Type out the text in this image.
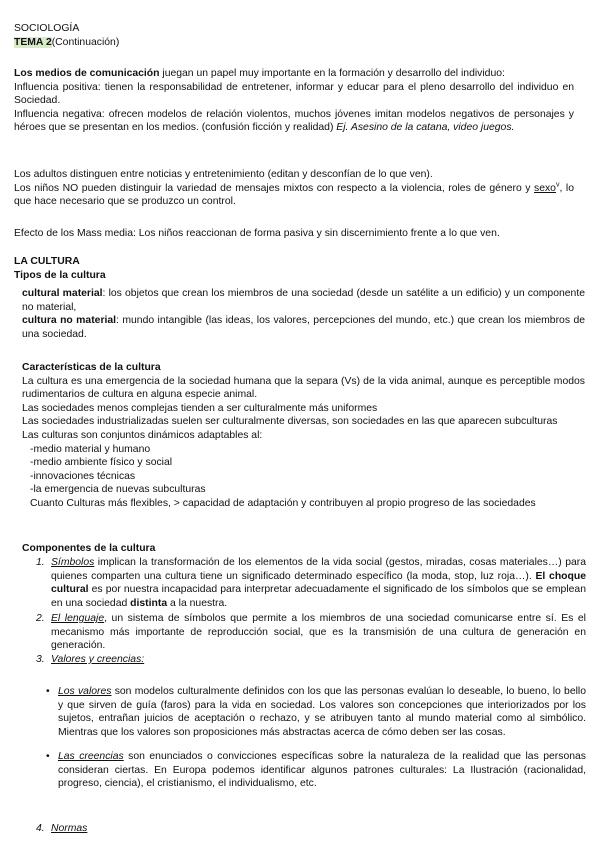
SOCIOLOGÍA

TEMA 2(Continuación)

Los medios de comunicación juegan un papel muy importante en la formación y desarrollo del individuo:

Influencia positiva: tienen la responsabilidad de entretener, informar y educar para el pleno desarrollo del individuo en Sociedad.

Influencia negativa: ofrecen modelos de relación violentos, muchos jóvenes imitan modelos negativos de personajes y héroes que se presentan en los medios. (confusión ficción y realidad) Ej. Asesino de la catana, video juegos.

Los adultos distinguen entre noticias y entretenimiento (editan y desconfían de lo que ven).

Los niños NO pueden distinguir la variedad de mensajes mixtos con respecto a la violencia, roles de género y sexo$^v$, lo que hace necesario que se produzco un control.

Efecto de los Mass media: Los niños reaccionan de forma pasiva y sin discernimiento frente a lo que ven.

LA CULTURA

Tipos de la cultura

cultural material: los objetos que crean los miembros de una sociedad (desde un satélite a un edificio) y un componente no material,

cultura no material: mundo intangible (las ideas, los valores, percepciones del mundo, etc.) que crean los miembros de una sociedad.

Características de la cultura

La cultura es una emergencia de la sociedad humana que la separa (Vs) de la vida animal, aunque es perceptible modos rudimentarios de cultura en alguna especie animal.

Las sociedades menos complejas tienden a ser culturalmente más uniformes

Las sociedades industrializadas suelen ser culturalmente diversas, son sociedades en las que aparecen subculturas

Las culturas son conjuntos dinámicos adaptables al:

-medio material y humano

-medio ambiente físico y social

-innovaciones técnicas

-la emergencia de nuevas subculturas

Cuanto Culturas más flexibles, > capacidad de adaptación y contribuyen al propio progreso de las sociedades

Componentes de la cultura

1. Símbolos implican la transformación de los elementos de la vida social (gestos, miradas, cosas materiales…) para quienes comparten una cultura tiene un significado determinado específico (la moda, stop, luz roja…). El choque cultural es por nuestra incapacidad para interpretar adecuadamente el significado de los símbolos que se emplean en una sociedad distinta a la nuestra.

2. El lenguaje, un sistema de símbolos que permite a los miembros de una sociedad comunicarse entre sí. Es el mecanismo más importante de reproducción social, que es la transmisión de una cultura de generación en generación.

3. Valores y creencias:

• Los valores son modelos culturalmente definidos con los que las personas evalúan lo deseable, lo bueno, lo bello y que sirven de guía (faros) para la vida en sociedad. Los valores son concepciones que interiorizados por los sujetos, entrañan juicios de aceptación o rechazo, y se atribuyen tanto al mundo material como al simbólico. Mientras que los valores son proposiciones más abstractas acerca de cómo deben ser las cosas.

• Las creencias son enunciados o convicciones específicas sobre la naturaleza de la realidad que las personas consideran ciertas. En Europa podemos identificar algunos patrones culturales: La Ilustración (racionalidad, progreso, ciencia), el cristianismo, el individualismo, etc.

4. Normas
